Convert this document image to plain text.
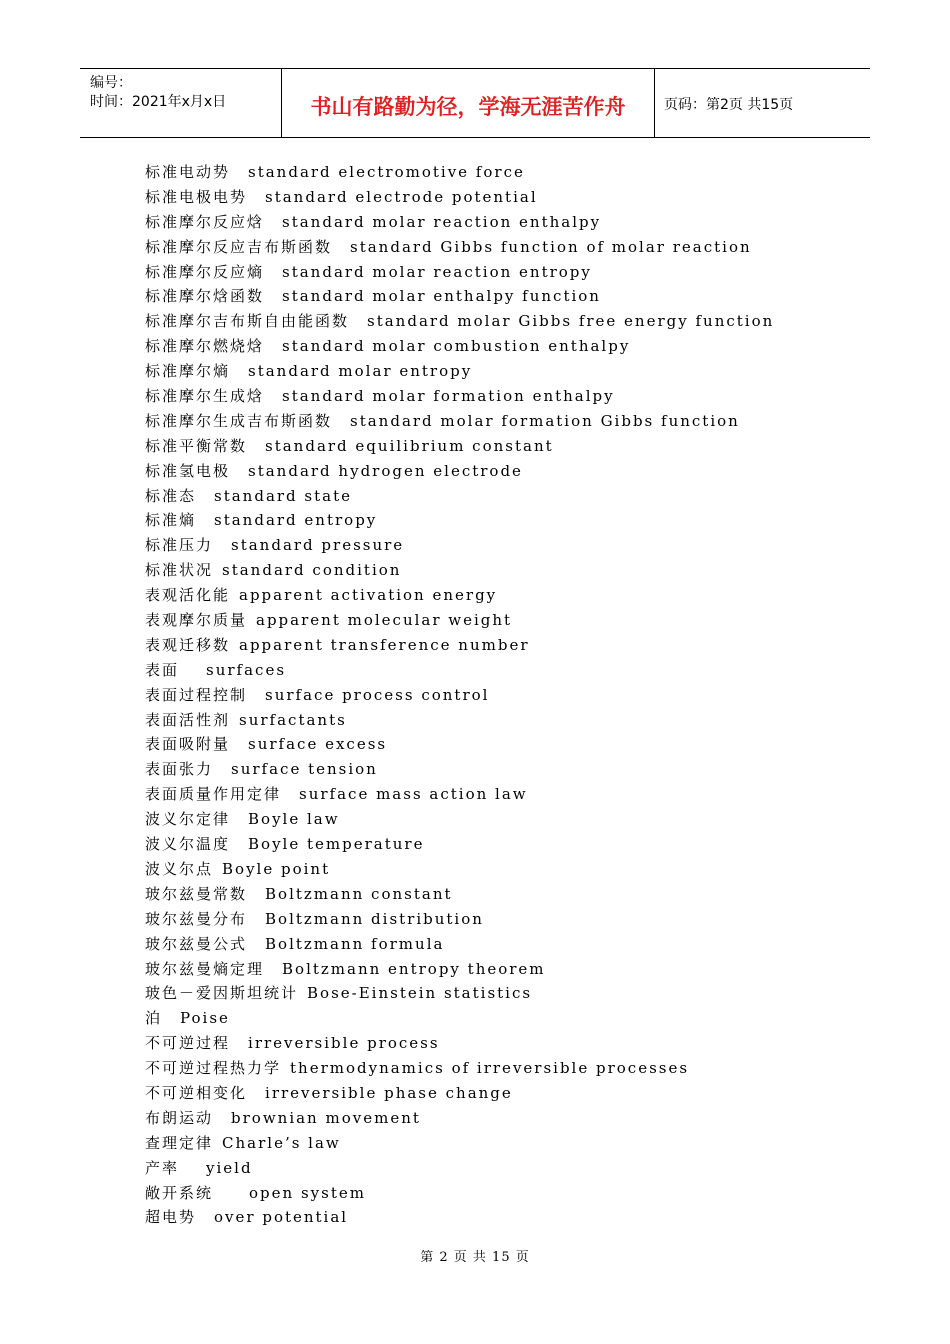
编号：
时间：2021年x月x日	书山有路勤为径，学海无涯苦作舟	页码：第2页 共15页
标准电动势 standard electromotive force
标准电极电势 standard electrode potential
标准摩尔反应焓 standard molar reaction enthalpy
标准摩尔反应吉布斯函数 standard Gibbs function of molar reaction
标准摩尔反应熵 standard molar reaction entropy
标准摩尔焓函数 standard molar enthalpy function
标准摩尔吉布斯自由能函数 standard molar Gibbs free energy function
标准摩尔燃烧焓 standard molar combustion enthalpy
标准摩尔熵 standard molar entropy
标准摩尔生成焓 standard molar formation enthalpy
标准摩尔生成吉布斯函数 standard molar formation Gibbs function
标准平衡常数 standard equilibrium constant
标准氢电极 standard hydrogen electrode
标准态 standard state
标准熵 standard entropy
标准压力 standard pressure
标准状况 standard condition
表观活化能 apparent activation energy
表观摩尔质量 apparent molecular weight
表观迁移数 apparent transference number
表面 surfaces
表面过程控制 surface process control
表面活性剂 surfactants
表面吸附量 surface excess
表面张力 surface tension
表面质量作用定律 surface mass action law
波义尔定律 Boyle law
波义尔温度 Boyle temperature
波义尔点 Boyle point
玻尔兹曼常数 Boltzmann constant
玻尔兹曼分布 Boltzmann distribution
玻尔兹曼公式 Boltzmann formula
玻尔兹曼熵定理 Boltzmann entropy theorem
玻色－爱因斯坦统计 Bose-Einstein statistics
泊 Poise
不可逆过程 irreversible process
不可逆过程热力学 thermodynamics of irreversible processes
不可逆相变化 irreversible phase change
布朗运动 brownian movement
查理定律 Charle’s law
产率 yield
敞开系统 open system
超电势 over potential
第 2 页 共 15 页
